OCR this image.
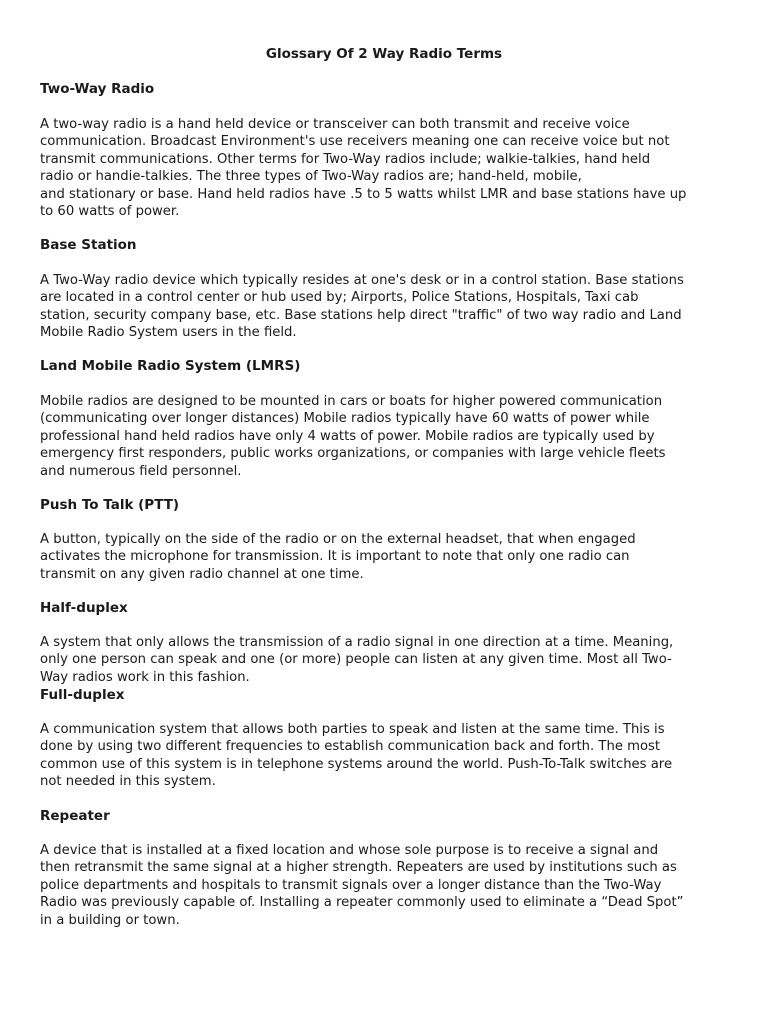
Glossary Of 2 Way Radio Terms
Two-Way Radio
A two-way radio is a hand held device or transceiver can both transmit and receive voice
communication. Broadcast Environment's use receivers meaning one can receive voice but not
transmit communications. Other terms for Two-Way radios include; walkie-talkies, hand held
radio or handie-talkies. The three types of Two-Way radios are; hand-held, mobile,
and stationary or base. Hand held radios have .5 to 5 watts whilst LMR and base stations have up
to 60 watts of power.
Base Station
A Two-Way radio device which typically resides at one's desk or in a control station. Base stations
are located in a control center or hub used by; Airports, Police Stations, Hospitals, Taxi cab
station, security company base, etc. Base stations help direct "traffic" of two way radio and Land
Mobile Radio System users in the field.
Land Mobile Radio System (LMRS)
Mobile radios are designed to be mounted in cars or boats for higher powered communication
(communicating over longer distances) Mobile radios typically have 60 watts of power while
professional hand held radios have only 4 watts of power. Mobile radios are typically used by
emergency first responders, public works organizations, or companies with large vehicle fleets
and numerous field personnel.
Push To Talk (PTT)
A button, typically on the side of the radio or on the external headset, that when engaged
activates the microphone for transmission. It is important to note that only one radio can
transmit on any given radio channel at one time.
Half-duplex
A system that only allows the transmission of a radio signal in one direction at a time. Meaning,
only one person can speak and one (or more) people can listen at any given time. Most all Two-
Way radios work in this fashion.
Full-duplex
A communication system that allows both parties to speak and listen at the same time. This is
done by using two different frequencies to establish communication back and forth. The most
common use of this system is in telephone systems around the world. Push-To-Talk switches are
not needed in this system.
Repeater
A device that is installed at a fixed location and whose sole purpose is to receive a signal and
then retransmit the same signal at a higher strength. Repeaters are used by institutions such as
police departments and hospitals to transmit signals over a longer distance than the Two-Way
Radio was previously capable of. Installing a repeater commonly used to eliminate a “Dead Spot”
in a building or town.
